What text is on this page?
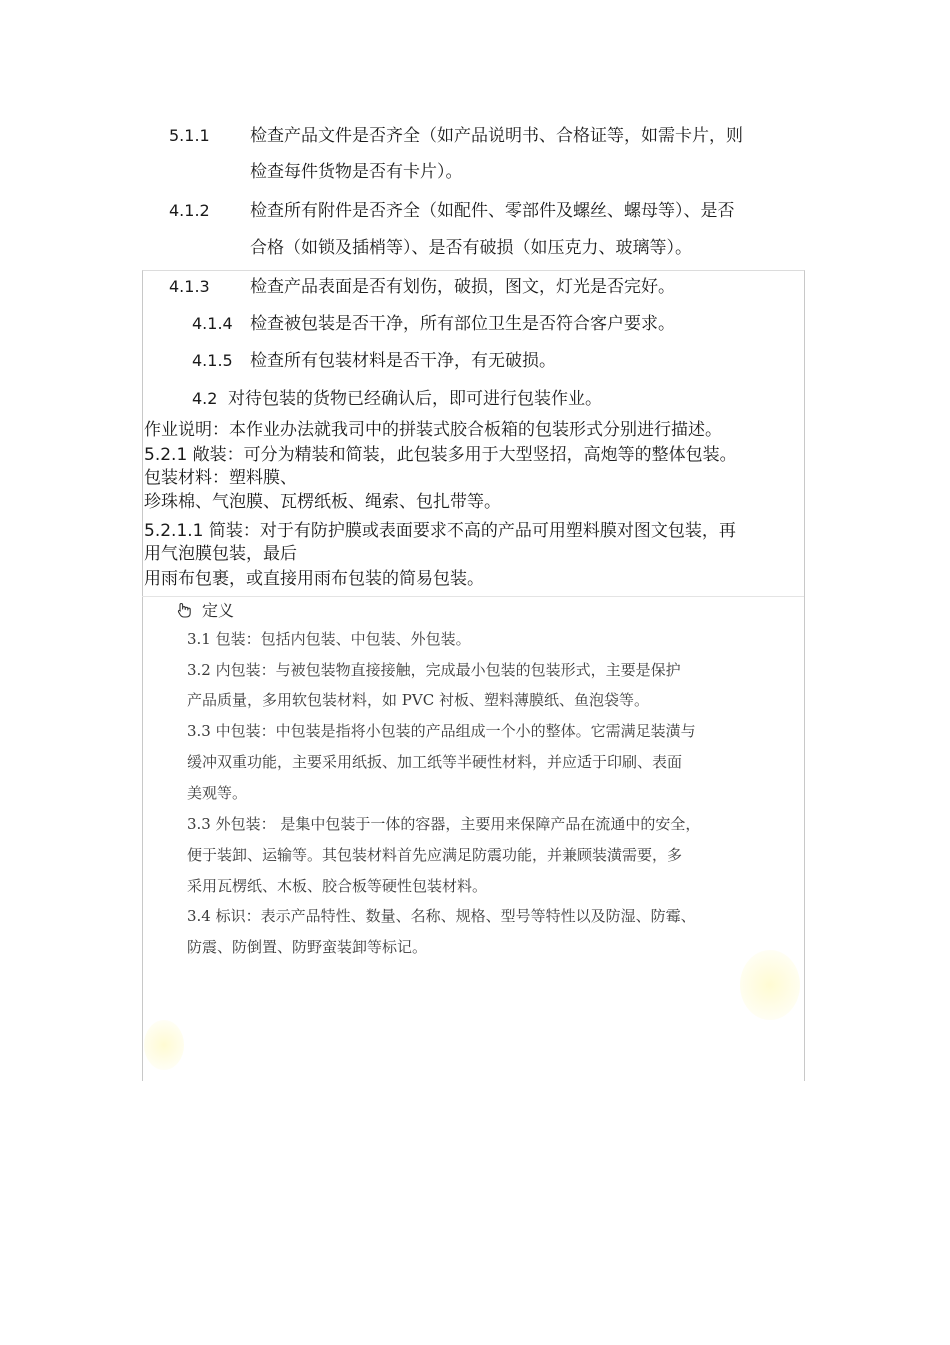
5.1.1 检查产品文件是否齐全（如产品说明书、合格证等，如需卡片，则
检查每件货物是否有卡片）。
4.1.2 检查所有附件是否齐全（如配件、零部件及螺丝、螺母等）、是否
合格（如锁及插梢等）、是否有破损（如压克力、玻璃等）。
4.1.3 检查产品表面是否有划伤，破损，图文，灯光是否完好。
4.1.4 检查被包装是否干净，所有部位卫生是否符合客户要求。
4.1.5 检查所有包装材料是否干净，有无破损。
4.2 对待包装的货物已经确认后，即可进行包装作业。
作业说明：本作业办法就我司中的拼装式胶合板箱的包装形式分别进行描述。
5.2.1 敞装：可分为精装和简装，此包装多用于大型竖招，高炮等的整体包装。
包装材料：塑料膜、
珍珠棉、气泡膜、瓦楞纸板、绳索、包扎带等。
5.2.1.1 简装：对于有防护膜或表面要求不高的产品可用塑料膜对图文包装，再
用气泡膜包装，最后
用雨布包裹，或直接用雨布包装的简易包装。
定义
3.1 包装：包括内包装、中包装、外包装。
3.2 内包装：与被包装物直接接触，完成最小包装的包装形式，主要是保护
产品质量，多用软包装材料，如 PVC 衬板、塑料薄膜纸、鱼泡袋等。
3.3 中包装：中包装是指将小包装的产品组成一个小的整体。它需满足装潢与
缓冲双重功能，主要采用纸扳、加工纸等半硬性材料，并应适于印刷、表面
美观等。
3.3 外包装： 是集中包装于一体的容器，主要用来保障产品在流通中的安全，
便于装卸、运输等。其包装材料首先应满足防震功能，并兼顾装潢需要，多
采用瓦楞纸、木板、胶合板等硬性包装材料。
3.4 标识：表示产品特性、数量、名称、规格、型号等特性以及防湿、防霉、
防震、防倒置、防野蛮装卸等标记。
